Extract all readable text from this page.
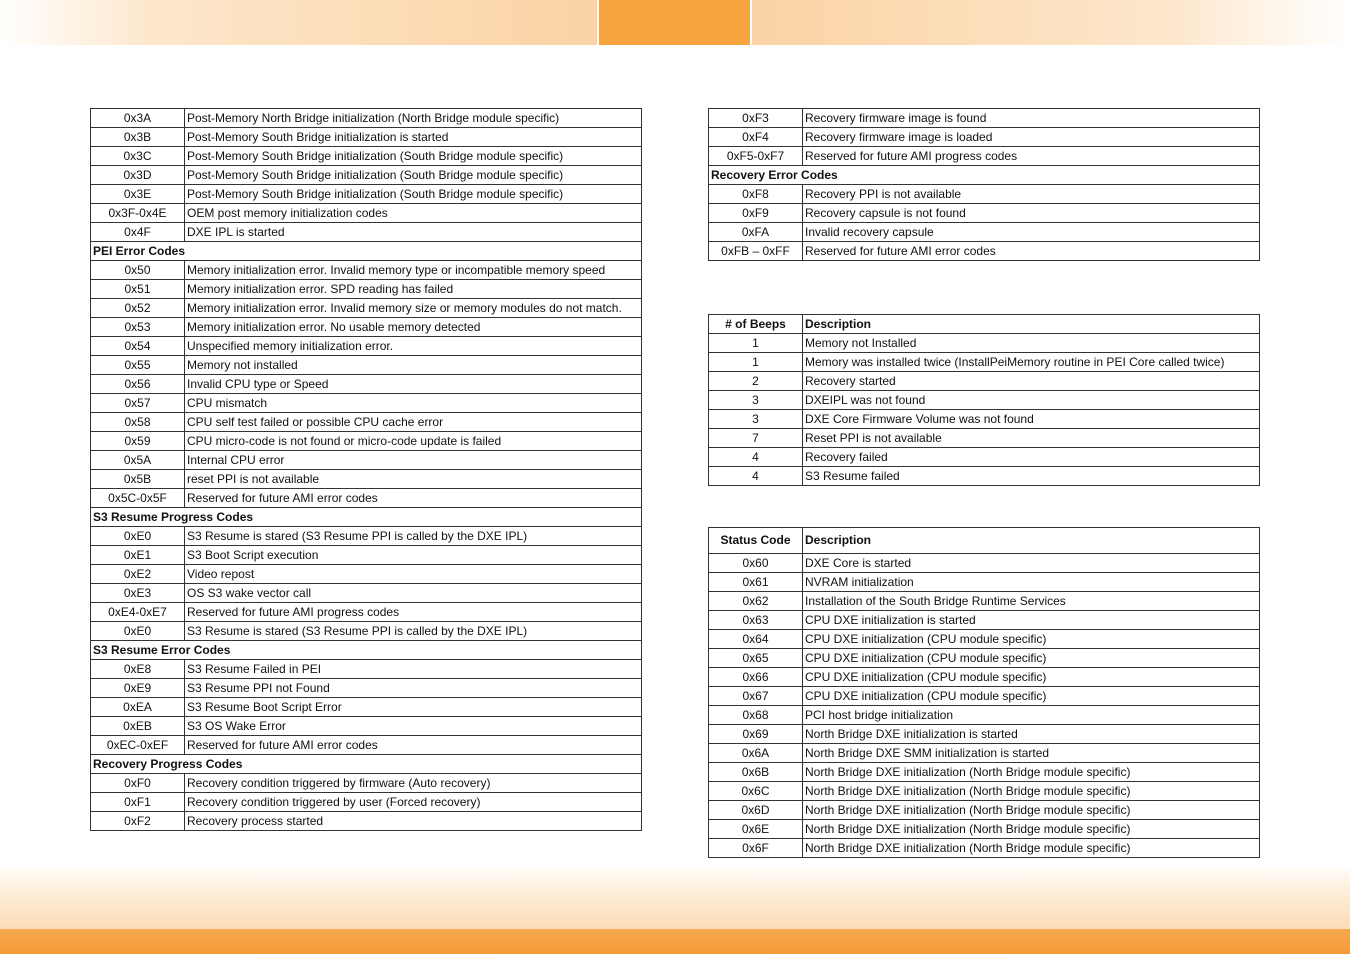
0x3A	Post-Memory North Bridge initialization (North Bridge module specific)
0x3B	Post-Memory South Bridge initialization is started
0x3C	Post-Memory South Bridge initialization (South Bridge module specific)
0x3D	Post-Memory South Bridge initialization (South Bridge module specific)
0x3E	Post-Memory South Bridge initialization (South Bridge module specific)
0x3F-0x4E	OEM post memory initialization codes
0x4F	DXE IPL is started
PEI Error Codes	
0x50	Memory initialization error. Invalid memory type or incompatible memory speed
0x51	Memory initialization error. SPD reading has failed
0x52	Memory initialization error. Invalid memory size or memory modules do not match.
0x53	Memory initialization error. No usable memory detected
0x54	Unspecified memory initialization error.
0x55	Memory not installed
0x56	Invalid CPU type or Speed
0x57	CPU mismatch
0x58	CPU self test failed or possible CPU cache error
0x59	CPU micro-code is not found or micro-code update is failed
0x5A	Internal CPU error
0x5B	reset PPI is not available
0x5C-0x5F	Reserved for future AMI error codes
S3 Resume Progress Codes	
0xE0	S3 Resume is stared (S3 Resume PPI is called by the DXE IPL)
0xE1	S3 Boot Script execution
0xE2	Video repost
0xE3	OS S3 wake vector call
0xE4-0xE7	Reserved for future AMI progress codes
0xE0	S3 Resume is stared (S3 Resume PPI is called by the DXE IPL)
S3 Resume Error Codes	
0xE8	S3 Resume Failed in PEI
0xE9	S3 Resume PPI not Found
0xEA	S3 Resume Boot Script Error
0xEB	S3 OS Wake Error
0xEC-0xEF	Reserved for future AMI error codes
Recovery Progress Codes	
0xF0	Recovery condition triggered by firmware (Auto recovery)
0xF1	Recovery condition triggered by user (Forced recovery)
0xF2	Recovery process started
0xF3	Recovery firmware image is found
0xF4	Recovery firmware image is loaded
0xF5-0xF7	Reserved for future AMI progress codes
Recovery Error Codes	
0xF8	Recovery PPI is not available
0xF9	Recovery capsule is not found
0xFA	Invalid recovery capsule
0xFB – 0xFF	Reserved for future AMI error codes
# of Beeps	Description
1	Memory not Installed
1	Memory was installed twice (InstallPeiMemory routine in PEI Core called twice)
2	Recovery started
3	DXEIPL was not found
3	DXE Core Firmware Volume was not found
7	Reset PPI is not available
4	Recovery failed
4	S3 Resume failed
Status Code	Description
0x60	DXE Core is started
0x61	NVRAM initialization
0x62	Installation of the South Bridge Runtime Services
0x63	CPU DXE initialization is started
0x64	CPU DXE initialization (CPU module specific)
0x65	CPU DXE initialization (CPU module specific)
0x66	CPU DXE initialization (CPU module specific)
0x67	CPU DXE initialization (CPU module specific)
0x68	PCI host bridge initialization
0x69	North Bridge DXE initialization is started
0x6A	North Bridge DXE SMM initialization is started
0x6B	North Bridge DXE initialization (North Bridge module specific)
0x6C	North Bridge DXE initialization (North Bridge module specific)
0x6D	North Bridge DXE initialization (North Bridge module specific)
0x6E	North Bridge DXE initialization (North Bridge module specific)
0x6F	North Bridge DXE initialization (North Bridge module specific)
